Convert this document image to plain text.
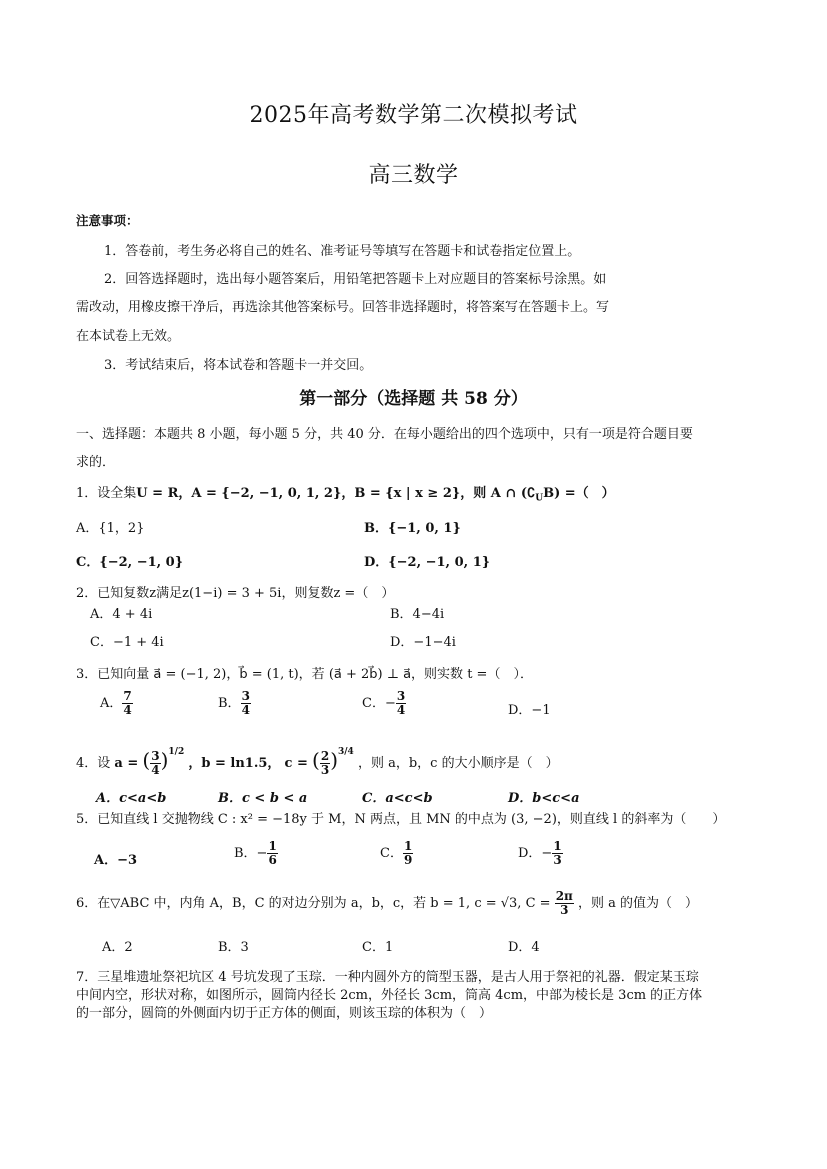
2025年高考数学第二次模拟考试
高三数学
注意事项：
1．答卷前，考生务必将自己的姓名、准考证号等填写在答题卡和试卷指定位置上。
2．回答选择题时，选出每小题答案后，用铅笔把答题卡上对应题目的答案标号涂黑。如
需改动，用橡皮擦干净后，再选涂其他答案标号。回答非选择题时，将答案写在答题卡上。写
在本试卷上无效。
3．考试结束后，将本试卷和答题卡一并交回。
第一部分（选择题 共 58 分）
一、选择题：本题共 8 小题，每小题 5 分，共 40 分．在每小题给出的四个选项中，只有一项是符合题目要
求的．
1．设全集U = R，A = {−2, −1, 0, 1, 2}，B = {x | x ≥ 2}，则 A ∩ $(∁_UB)$ =（　）
A．{1，2}	B．{−1, 0, 1}
C．{−2, −1, 0}	D．{−2, −1, 0, 1}
2．已知复数z满足z(1−i) = 3 + 5i，则复数z =（　）
A．4 + 4i	B．4−4i
C．−1 + 4i	D．−1−4i
3．已知向量 a⃗ = (−1, 2)，b⃗ = (1, t)，若 (a⃗ + 2b⃗) ⊥ a⃗，则实数 t =（　）．
A． $\frac{7}{4}$	B． $\frac{3}{4}$	C．− $\frac{3}{4}$	D．−1
4．设 a = ( $\frac{3}{4} )^{1/2}$ ，b = ln1.5， c = ( $\frac{2}{3} )^{3/4}$ ，则 a，b，c 的大小顺序是（　）
A．c<a<b	B．c < b < a	C．a<c<b	D．b<c<a
5．已知直线 l 交抛物线 C : x² = −18y 于 M，N 两点，且 MN 的中点为 (3, −2)，则直线 l 的斜率为（　　）
A．−3	B．− $\frac{1}{6}$	C． $\frac{1}{9}$	D．− $\frac{1}{3}$
6．在▽ABC 中，内角 A，B，C 的对边分别为 a，b，c，若 b = 1, c = √3, $C = \frac{2\pi}{3}$ ，则 a 的值为（　）
A．2	B．3	C．1	D．4
7．三星堆遗址祭祀坑区 4 号坑发现了玉琮．一种内圆外方的筒型玉器，是古人用于祭祀的礼器．假定某玉琮
中间内空，形状对称，如图所示，圆筒内径长 2cm，外径长 3cm，筒高 4cm，中部为棱长是 3cm 的正方体
的一部分，圆筒的外侧面内切于正方体的侧面，则该玉琮的体积为（　）
